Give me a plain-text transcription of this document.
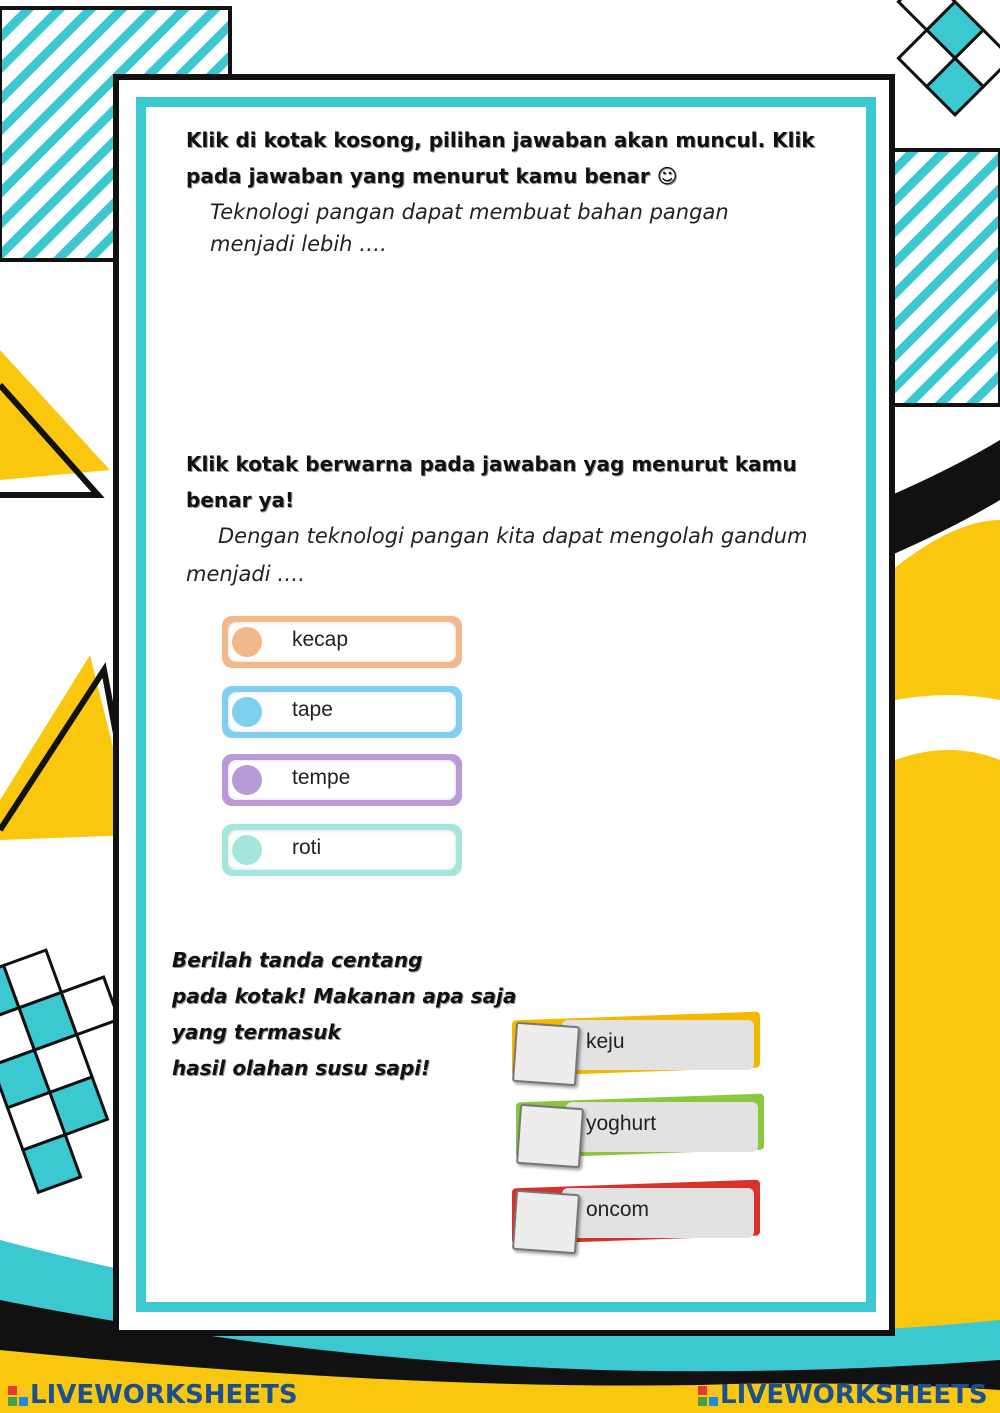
Klik di kotak kosong, pilihan jawaban akan muncul. Klik
pada jawaban yang menurut kamu benar ☺
Teknologi pangan dapat membuat bahan pangan
menjadi lebih ….
Klik kotak berwarna pada jawaban yag menurut kamu
benar ya!
Dengan teknologi pangan kita dapat mengolah gandum
menjadi ….
kecap
tape
tempe
roti
Berilah tanda centang
pada kotak! Makanan apa saja
yang termasuk
hasil olahan susu sapi!
keju
yoghurt
oncom
LIVEWORKSHEETS	LIVEWORKSHEETS
